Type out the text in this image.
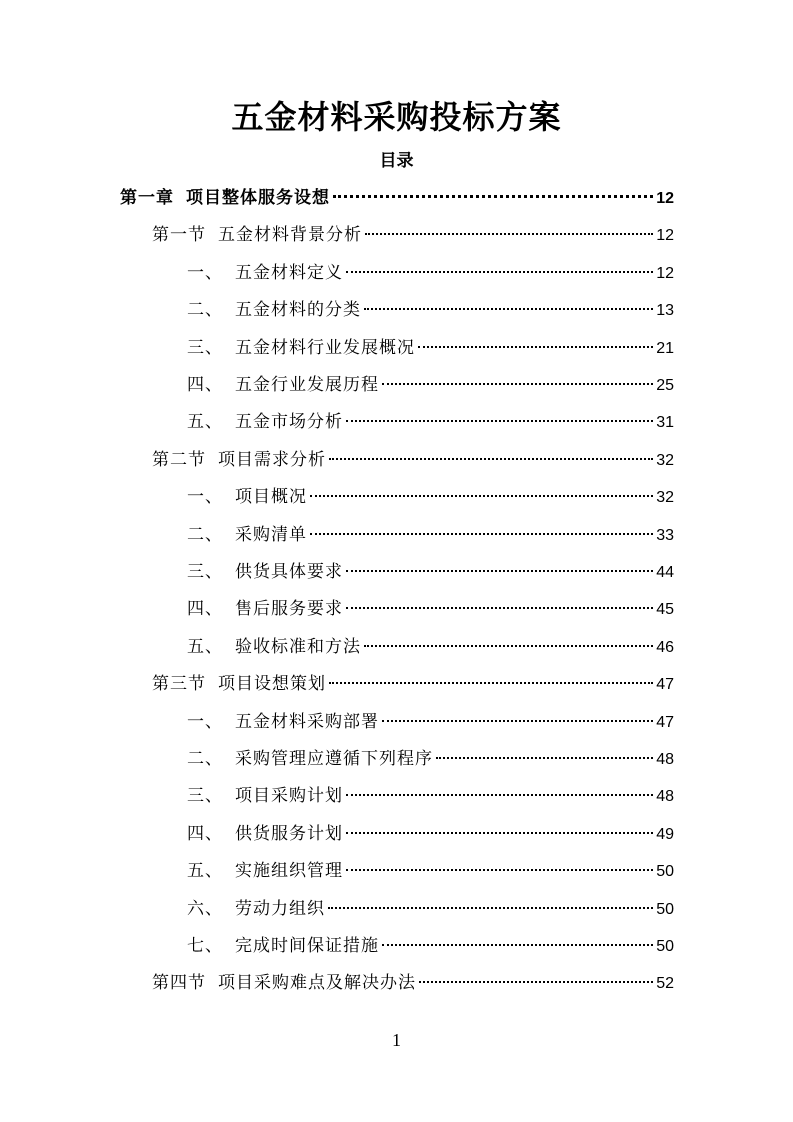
五金材料采购投标方案
目录
第一章 项目整体服务设想	12
第一节 五金材料背景分析	12
一、 五金材料定义	12
二、 五金材料的分类	13
三、 五金材料行业发展概况	21
四、 五金行业发展历程	25
五、 五金市场分析	31
第二节 项目需求分析	32
一、 项目概况	32
二、 采购清单	33
三、 供货具体要求	44
四、 售后服务要求	45
五、 验收标准和方法	46
第三节 项目设想策划	47
一、 五金材料采购部署	47
二、 采购管理应遵循下列程序	48
三、 项目采购计划	48
四、 供货服务计划	49
五、 实施组织管理	50
六、 劳动力组织	50
七、 完成时间保证措施	50
第四节 项目采购难点及解决办法	52
1
